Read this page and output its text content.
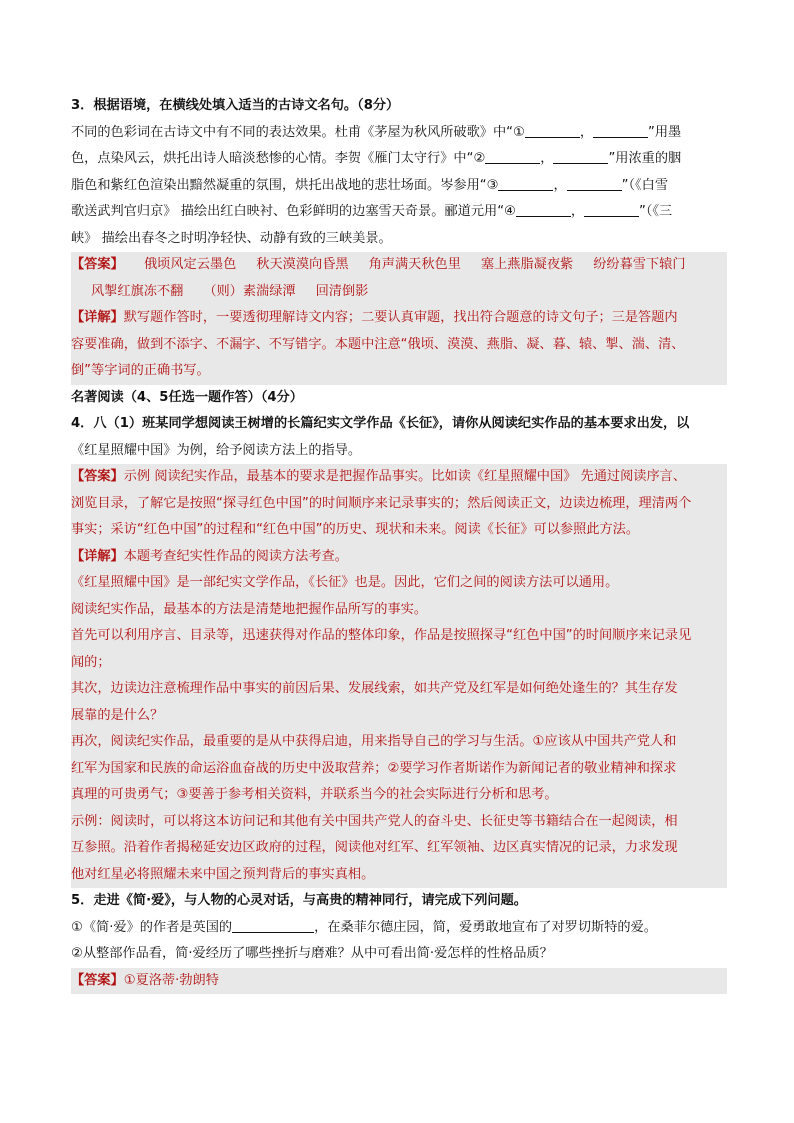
3．根据语境，在横线处填入适当的古诗文名句。（8分）
不同的色彩词在古诗文中有不同的表达效果。杜甫《茅屋为秋风所破歌》中“①	，	”用墨
色，点染风云，烘托出诗人暗淡愁惨的心情。李贺《雁门太守行》中“②	，	”用浓重的胭
脂色和紫红色渲染出黯然凝重的氛围，烘托出战地的悲壮场面。岑参用“③	，	”（《白雪
歌送武判官归京》 描绘出红白映衬、色彩鲜明的边塞雪天奇景。郦道元用“④	，	”（《三
峡》 描绘出春冬之时明净轻快、动静有致的三峡美景。
【答案】 俄顷风定云墨色 秋天漠漠向昏黑 角声满天秋色里 塞上燕脂凝夜紫 纷纷暮雪下辕门
风掣红旗冻不翻 （则）素湍绿潭 回清倒影
【详解】默写题作答时，一要透彻理解诗文内容；二要认真审题，找出符合题意的诗文句子；三是答题内
容要准确，做到不添字、不漏字、不写错字。本题中注意“俄顷、漠漠、燕脂、凝、暮、辕、掣、湍、清、
倒”等字词的正确书写。
名著阅读（4、5任选一题作答）（4分）
4．八（1）班某同学想阅读王树增的长篇纪实文学作品《长征》，请你从阅读纪实作品的基本要求出发，以
《红星照耀中国》为例，给予阅读方法上的指导。
【答案】示例 阅读纪实作品，最基本的要求是把握作品事实。比如读《红星照耀中国》 先通过阅读序言、
浏览目录，了解它是按照“探寻红色中国”的时间顺序来记录事实的；然后阅读正文，边读边梳理，理清两个
事实；采访“红色中国”的过程和“红色中国”的历史、现状和未来。阅读《长征》可以参照此方法。
【详解】本题考查纪实性作品的阅读方法考查。
《红星照耀中国》是一部纪实文学作品，《长征》也是。因此，它们之间的阅读方法可以通用。
阅读纪实作品，最基本的方法是清楚地把握作品所写的事实。
首先可以利用序言、目录等，迅速获得对作品的整体印象，作品是按照探寻“红色中国”的时间顺序来记录见
闻的；
其次，边读边注意梳理作品中事实的前因后果、发展线索，如共产党及红军是如何绝处逢生的？其生存发
展靠的是什么？
再次，阅读纪实作品，最重要的是从中获得启迪，用来指导自己的学习与生活。①应该从中国共产党人和
红军为国家和民族的命运浴血奋战的历史中汲取营养；②要学习作者斯诺作为新闻记者的敬业精神和探求
真理的可贵勇气；③要善于参考相关资料，并联系当今的社会实际进行分析和思考。
示例：阅读时，可以将这本访问记和其他有关中国共产党人的奋斗史、长征史等书籍结合在一起阅读，相
互参照。沿着作者揭秘延安边区政府的过程，阅读他对红军、红军领袖、边区真实情况的记录，力求发现
他对红星必将照耀未来中国之预判背后的事实真相。
5．走进《简·爱》，与人物的心灵对话，与高贵的精神同行，请完成下列问题。
①《简·爱》的作者是英国的	，在桑菲尔德庄园，简，爱勇敢地宣布了对罗切斯特的爱。
②从整部作品看，简·爱经历了哪些挫折与磨难？从中可看出简·爱怎样的性格品质？
【答案】①夏洛蒂·勃朗特
